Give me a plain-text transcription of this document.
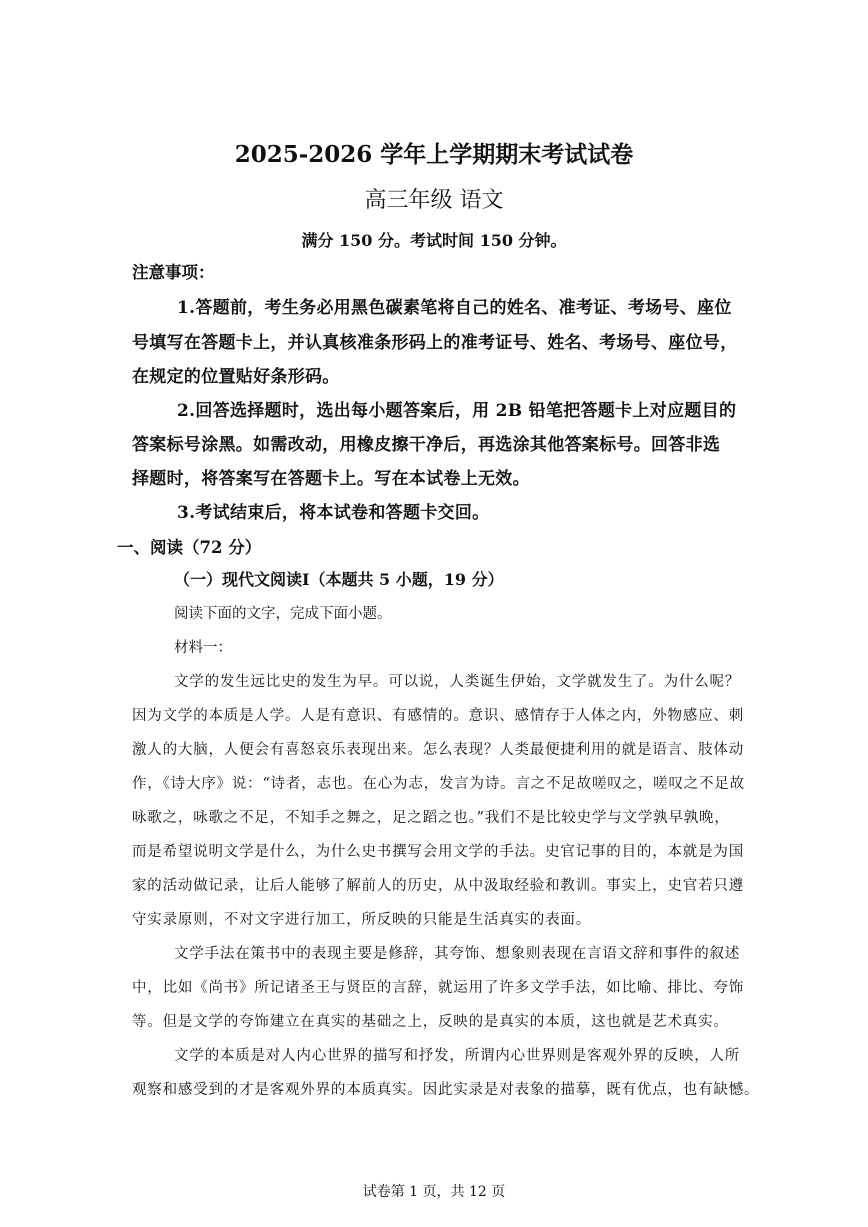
2025-2026 学年上学期期末考试试卷
高三年级 语文
满分 150 分。考试时间 150 分钟。
注意事项：
1.答题前，考生务必用黑色碳素笔将自己的姓名、准考证、考场号、座位
号填写在答题卡上，并认真核准条形码上的准考证号、姓名、考场号、座位号，
在规定的位置贴好条形码。
2.回答选择题时，选出每小题答案后，用 2B 铅笔把答题卡上对应题目的
答案标号涂黑。如需改动，用橡皮擦干净后，再选涂其他答案标号。回答非选
择题时，将答案写在答题卡上。写在本试卷上无效。
3.考试结束后，将本试卷和答题卡交回。
一、阅读（72 分）
（一）现代文阅读Ⅰ（本题共 5 小题，19 分）
阅读下面的文字，完成下面小题。
材料一：
文学的发生远比史的发生为早。可以说，人类诞生伊始，文学就发生了。为什么呢？
因为文学的本质是人学。人是有意识、有感情的。意识、感情存于人体之内，外物感应、刺
激人的大脑，人便会有喜怒哀乐表现出来。怎么表现？人类最便捷利用的就是语言、肢体动
作，《诗大序》说：“诗者，志也。在心为志，发言为诗。言之不足故嗟叹之，嗟叹之不足故
咏歌之，咏歌之不足，不知手之舞之，足之蹈之也。”我们不是比较史学与文学孰早孰晚，
而是希望说明文学是什么，为什么史书撰写会用文学的手法。史官记事的目的，本就是为国
家的活动做记录，让后人能够了解前人的历史，从中汲取经验和教训。事实上，史官若只遵
守实录原则，不对文字进行加工，所反映的只能是生活真实的表面。
文学手法在策书中的表现主要是修辞，其夸饰、想象则表现在言语文辞和事件的叙述
中，比如《尚书》所记诸圣王与贤臣的言辞，就运用了许多文学手法，如比喻、排比、夸饰
等。但是文学的夸饰建立在真实的基础之上，反映的是真实的本质，这也就是艺术真实。
文学的本质是对人内心世界的描写和抒发，所谓内心世界则是客观外界的反映，人所
观察和感受到的才是客观外界的本质真实。因此实录是对表象的描摹，既有优点，也有缺憾。
试卷第 1 页，共 12 页
